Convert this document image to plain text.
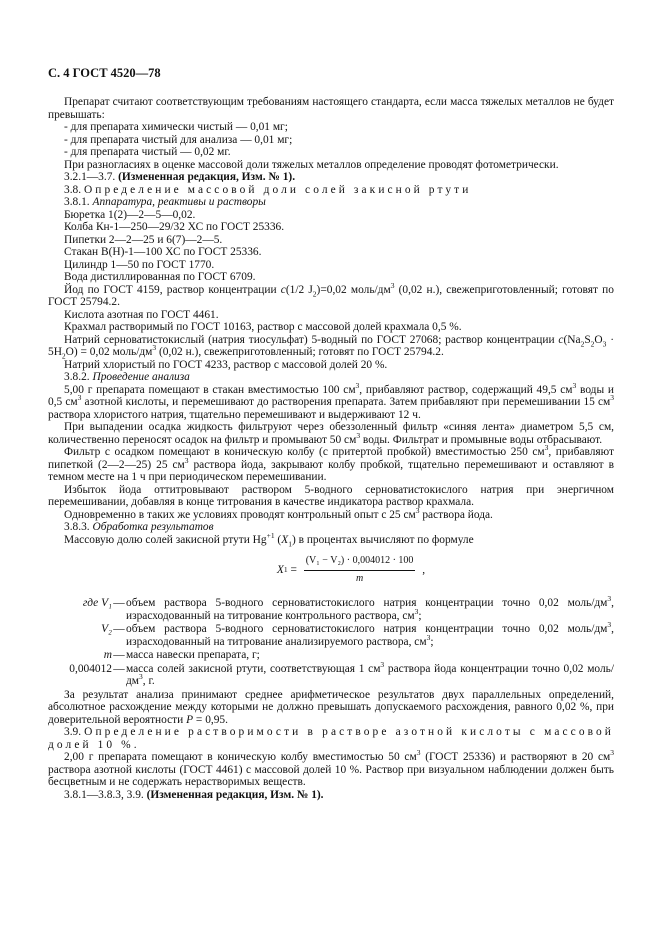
С. 4 ГОСТ 4520—78

Препарат считают соответствующим требованиям настоящего стандарта, если масса тяжелых металлов не будет превышать:

- для препарата химически чистый — 0,01 мг;

- для препарата чистый для анализа — 0,01 мг;

- для препарата чистый — 0,02 мг.

При разногласиях в оценке массовой доли тяжелых металлов определение проводят фотометрически.

3.2.1—3.7. (Измененная редакция, Изм. № 1).

3.8. Определение массовой доли солей закисной ртути

3.8.1. Аппаратура, реактивы и растворы

Бюретка 1(2)—2—5—0,02.

Колба Кн-1—250—29/32 ХС по ГОСТ 25336.

Пипетки 2—2—25 и 6(7)—2—5.

Стакан В(Н)-1—100 ХС по ГОСТ 25336.

Цилиндр 1—50 по ГОСТ 1770.

Вода дистиллированная по ГОСТ 6709.

Йод по ГОСТ 4159, раствор концентрации c(1/2 $J_2)=0,02$ моль/$дм^3$ (0,02 н.), свежеприготовленный; готовят по ГОСТ 25794.2.

Кислота азотная по ГОСТ 4461.

Крахмал растворимый по ГОСТ 10163, раствор с массовой долей крахмала 0,5 %.

Натрий серноватистокислый (натрия тиосульфат) 5-водный по ГОСТ 27068; раствор концентрации $c(Na_2S_2O_3 \cdot 5H_2O) = 0,02$ моль/$дм^3$ (0,02 н.), свежеприготовленный; готовят по ГОСТ 25794.2.

Натрий хлористый по ГОСТ 4233, раствор с массовой долей 20 %.

3.8.2. Проведение анализа

5,00 г препарата помещают в стакан вместимостью 100 $см^3$, прибавляют раствор, содержащий 49,5 $см^3$ воды и 0,5 $см^3$ азотной кислоты, и перемешивают до растворения препарата. Затем прибавляют при перемешивании 15 $см^3$ раствора хлористого натрия, тщательно перемешивают и выдерживают 12 ч.

При выпадении осадка жидкость фильтруют через обеззоленный фильтр «синяя лента» диаметром 5,5 см, количественно переносят осадок на фильтр и промывают 50 $см^3$ воды. Фильтрат и промывные воды отбрасывают.

Фильтр с осадком помещают в коническую колбу (с притертой пробкой) вместимостью 250 $см^3$, прибавляют пипеткой (2—2—25) 25 $см^3$ раствора йода, закрывают колбу пробкой, тщательно перемешивают и оставляют в темном месте на 1 ч при периодическом перемешивании.

Избыток йода оттитровывают раствором 5-водного серноватистокислого натрия при энергичном перемешивании, добавляя в конце титрования в качестве индикатора раствор крахмала.

Одновременно в таких же условиях проводят контрольный опыт с 25 $см^3$ раствора йода.

3.8.3. Обработка результатов

Массовую долю солей закисной ртути $Hg^{+1}$ $(X_1)$ в процентах вычисляют по формуле

X $1 = \frac{\text{(V₁ − V₂) · 0,004012 · 100}}{m}$ ,
где V₁ — объем раствора 5-водного серноватистокислого натрия концентрации точно 0,02 моль/$дм^3$, израсходованный на титрование контрольного раствора, $см^3$;
V₂ — объем раствора 5-водного серноватистокислого натрия концентрации точно 0,02 моль/$дм^3$, израсходованный на титрование анализируемого раствора, $см^3$;
m — масса навески препарата, г;
0,004012 — масса солей закисной ртути, соответствующая 1 $см^3$ раствора йода концентрации точно 0,02 моль/$дм^3$, г.

За результат анализа принимают среднее арифметическое результатов двух параллельных определений, абсолютное расхождение между которыми не должно превышать допускаемого расхождения, равного 0,02 %, при доверительной вероятности P = 0,95.

3.9. Определение растворимости в растворе азотной кислоты с массовой долей 10 %.

2,00 г препарата помещают в коническую колбу вместимостью 50 $см^3$ (ГОСТ 25336) и растворяют в 20 $см^3$ раствора азотной кислоты (ГОСТ 4461) с массовой долей 10 %. Раствор при визуальном наблюдении должен быть бесцветным и не содержать нерастворимых веществ.

3.8.1—3.8.3, 3.9. (Измененная редакция, Изм. № 1).
